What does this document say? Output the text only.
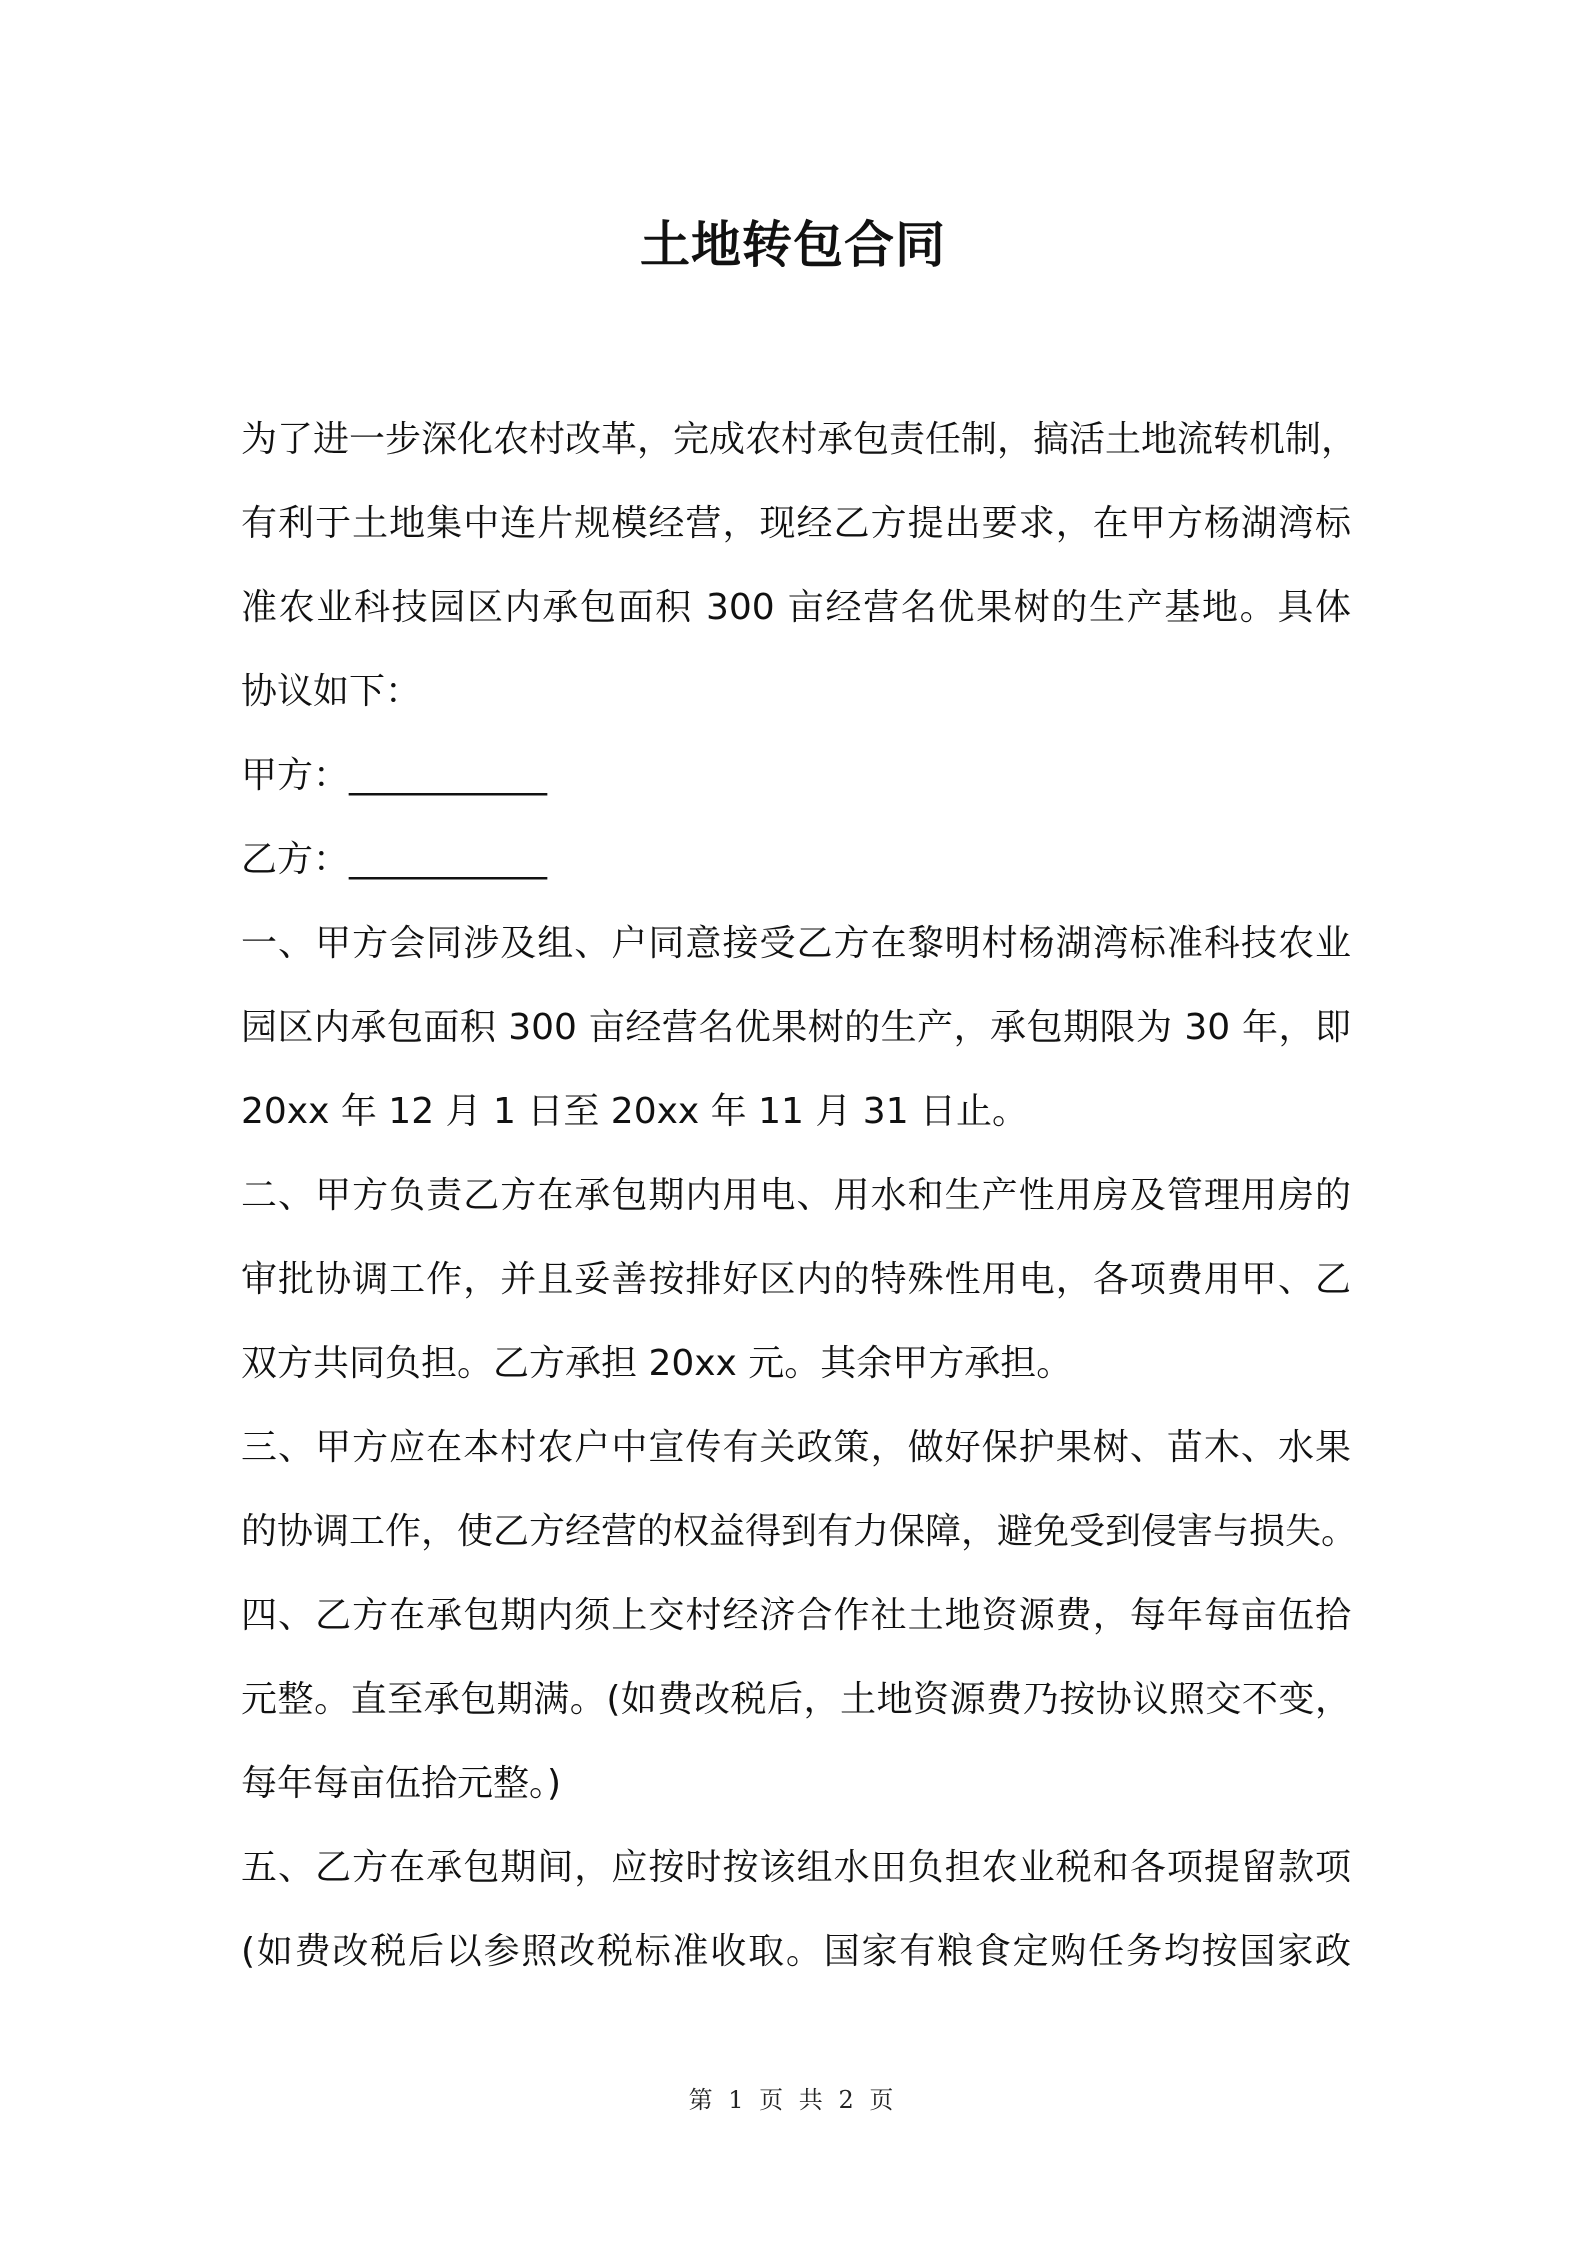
土地转包合同
为了进一步深化农村改革，完成农村承包责任制，搞活土地流转机制，
有利于土地集中连片规模经营，现经乙方提出要求，在甲方杨湖湾标
准农业科技园区内承包面积 300 亩经营名优果树的生产基地。具体
协议如下：
甲方：___________
乙方：___________
一、甲方会同涉及组、户同意接受乙方在黎明村杨湖湾标准科技农业
园区内承包面积 300 亩经营名优果树的生产，承包期限为 30 年，即
20xx 年 12 月 1 日至 20xx 年 11 月 31 日止。
二、甲方负责乙方在承包期内用电、用水和生产性用房及管理用房的
审批协调工作，并且妥善按排好区内的特殊性用电，各项费用甲、乙
双方共同负担。乙方承担 20xx 元。其余甲方承担。
三、甲方应在本村农户中宣传有关政策，做好保护果树、苗木、水果
的协调工作，使乙方经营的权益得到有力保障，避免受到侵害与损失。
四、乙方在承包期内须上交村经济合作社土地资源费，每年每亩伍拾
元整。直至承包期满。(如费改税后，土地资源费乃按协议照交不变，
每年每亩伍拾元整。)
五、乙方在承包期间，应按时按该组水田负担农业税和各项提留款项
(如费改税后以参照改税标准收取。国家有粮食定购任务均按国家政
第 1 页 共 2 页
